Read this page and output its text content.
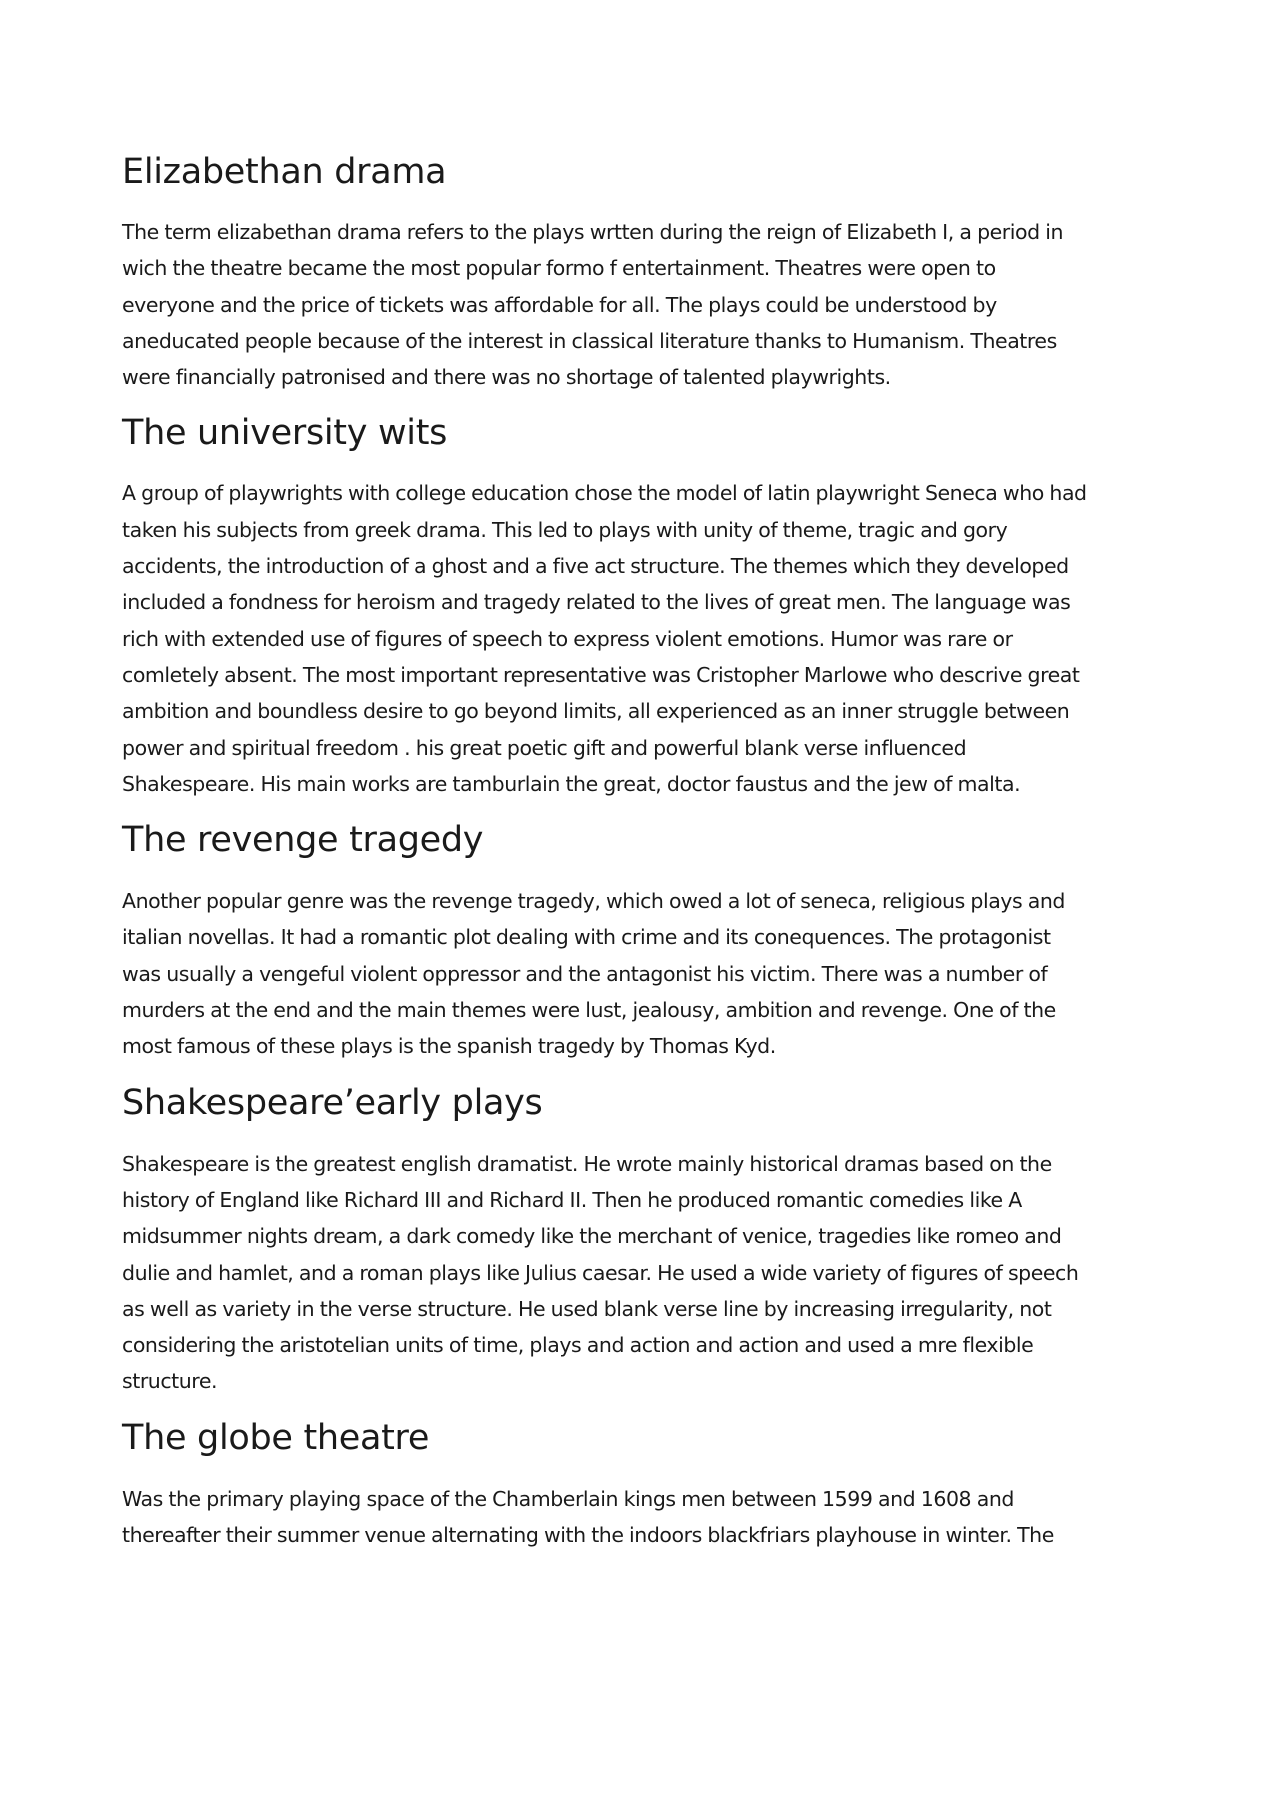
Elizabethan drama

The term elizabethan drama refers to the plays wrtten during the reign of Elizabeth I, a period in
wich the theatre became the most popular formo f entertainment. Theatres were open to
everyone and the price of tickets was affordable for all. The plays could be understood by
aneducated people because of the interest in classical literature thanks to Humanism. Theatres
were financially patronised and there was no shortage of talented playwrights.

The university wits

A group of playwrights with college education chose the model of latin playwright Seneca who had
taken his subjects from greek drama. This led to plays with unity of theme, tragic and gory
accidents, the introduction of a ghost and a five act structure. The themes which they developed
included a fondness for heroism and tragedy related to the lives of great men. The language was
rich with extended use of figures of speech to express violent emotions. Humor was rare or
comletely absent. The most important representative was Cristopher Marlowe who descrive great
ambition and boundless desire to go beyond limits, all experienced as an inner struggle between
power and spiritual freedom . his great poetic gift and powerful blank verse influenced
Shakespeare. His main works are tamburlain the great, doctor faustus and the jew of malta.

The revenge tragedy

Another popular genre was the revenge tragedy, which owed a lot of seneca, religious plays and
italian novellas. It had a romantic plot dealing with crime and its conequences. The protagonist
was usually a vengeful violent oppressor and the antagonist his victim. There was a number of
murders at the end and the main themes were lust, jealousy, ambition and revenge. One of the
most famous of these plays is the spanish tragedy by Thomas Kyd.

Shakespeare’early plays

Shakespeare is the greatest english dramatist. He wrote mainly historical dramas based on the
history of England like Richard III and Richard II. Then he produced romantic comedies like A
midsummer nights dream, a dark comedy like the merchant of venice, tragedies like romeo and
dulie and hamlet, and a roman plays like Julius caesar. He used a wide variety of figures of speech
as well as variety in the verse structure. He used blank verse line by increasing irregularity, not
considering the aristotelian units of time, plays and action and action and used a mre flexible
structure.

The globe theatre

Was the primary playing space of the Chamberlain kings men between 1599 and 1608 and
thereafter their summer venue alternating with the indoors blackfriars playhouse in winter. The
